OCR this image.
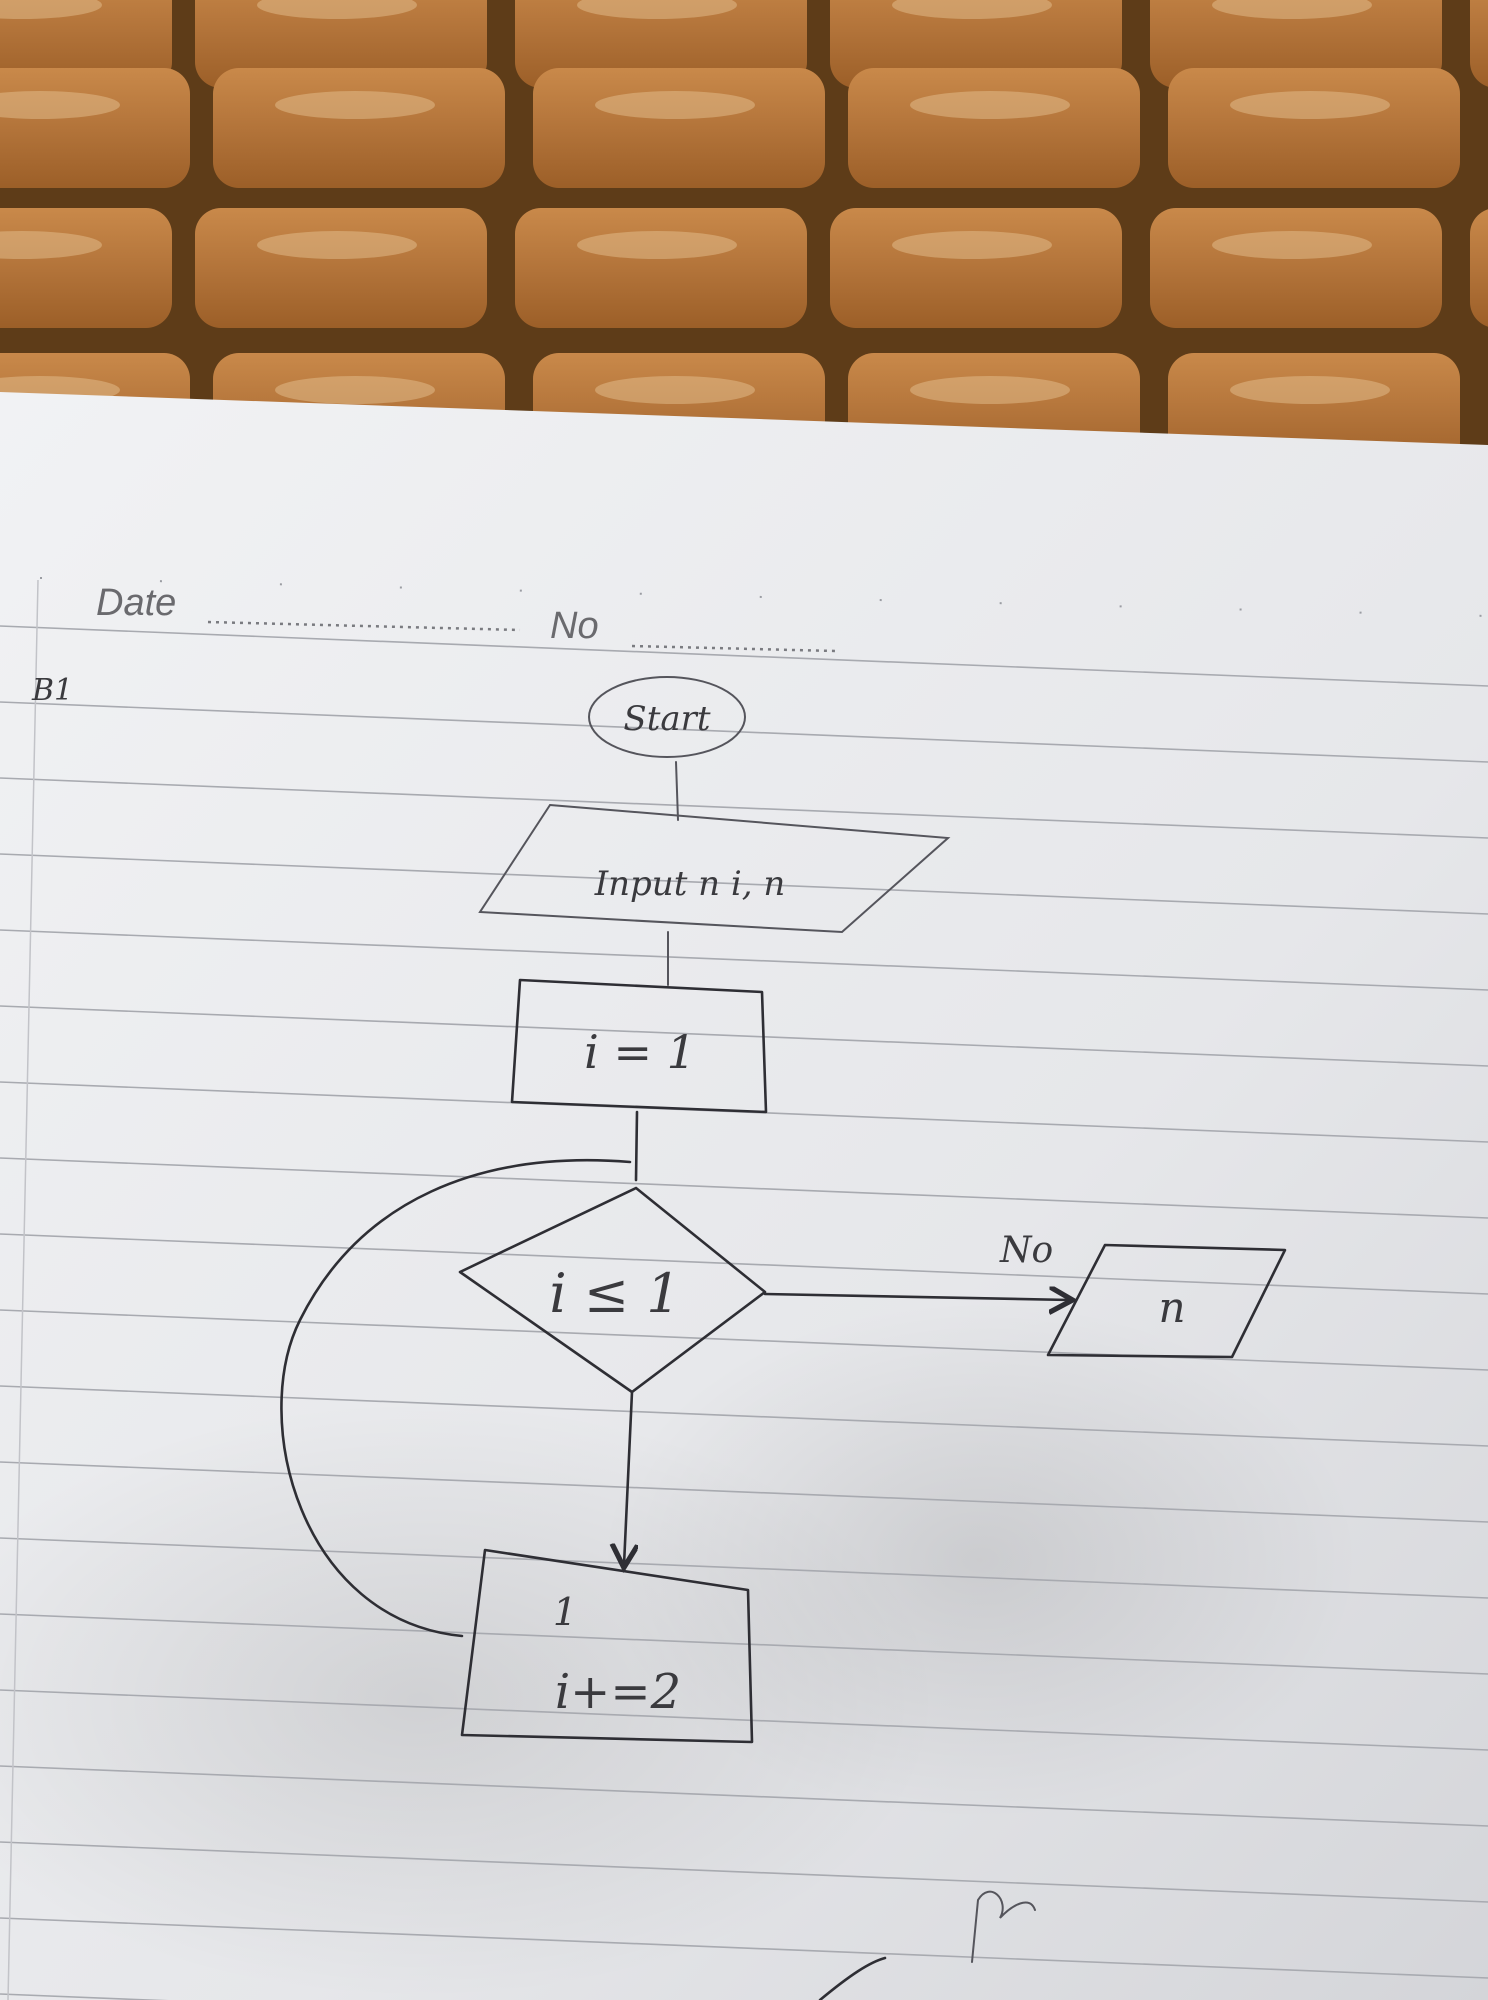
Date
No
B1
Start
Input n i, n
i = 1
i ≤ 1
No
n
1
i+=2
